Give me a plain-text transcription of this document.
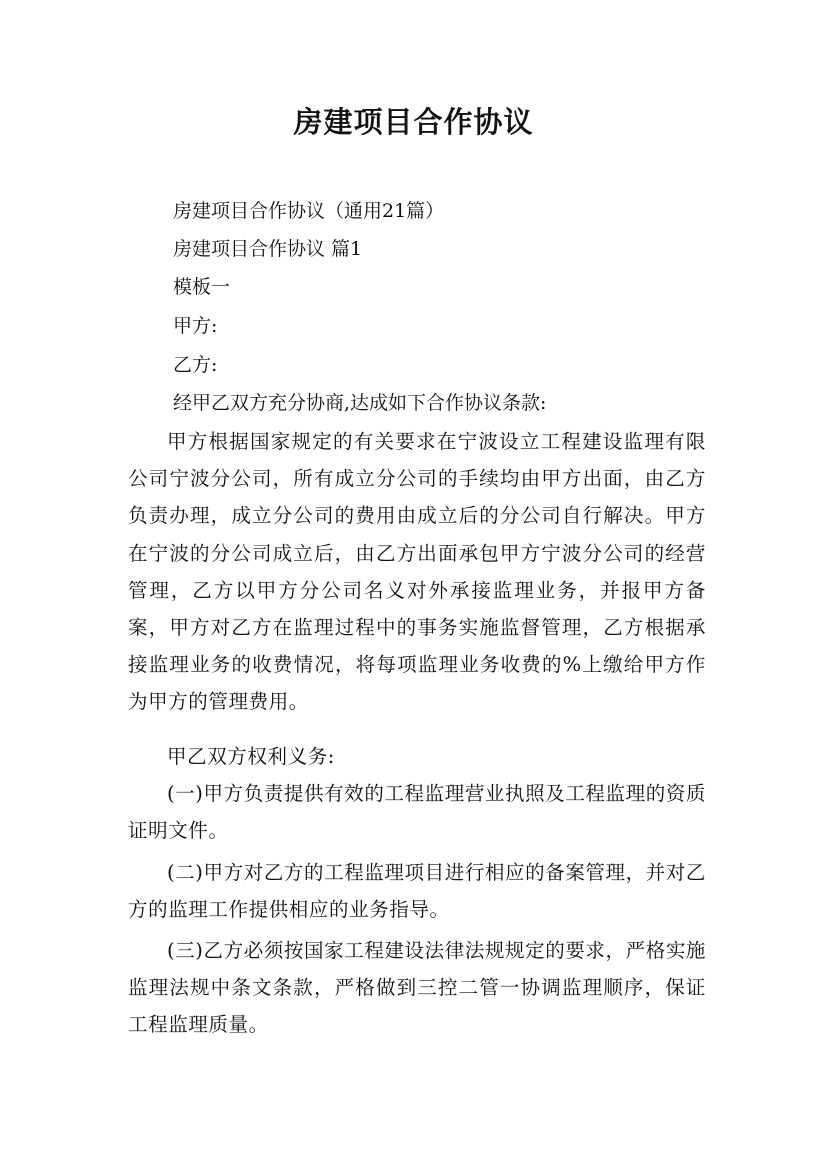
房建项目合作协议

房建项目合作协议（通用21篇）

房建项目合作协议 篇1

模板一

甲方:

乙方:

经甲乙双方充分协商,达成如下合作协议条款:

甲方根据国家规定的有关要求在宁波设立工程建设监理有限公司宁波分公司，所有成立分公司的手续均由甲方出面，由乙方负责办理，成立分公司的费用由成立后的分公司自行解决。甲方在宁波的分公司成立后，由乙方出面承包甲方宁波分公司的经营管理，乙方以甲方分公司名义对外承接监理业务，并报甲方备案，甲方对乙方在监理过程中的事务实施监督管理，乙方根据承接监理业务的收费情况，将每项监理业务收费的%上缴给甲方作为甲方的管理费用。

甲乙双方权利义务:

(一)甲方负责提供有效的工程监理营业执照及工程监理的资质证明文件。

(二)甲方对乙方的工程监理项目进行相应的备案管理，并对乙方的监理工作提供相应的业务指导。

(三)乙方必须按国家工程建设法律法规规定的要求，严格实施监理法规中条文条款，严格做到三控二管一协调监理顺序，保证工程监理质量。
